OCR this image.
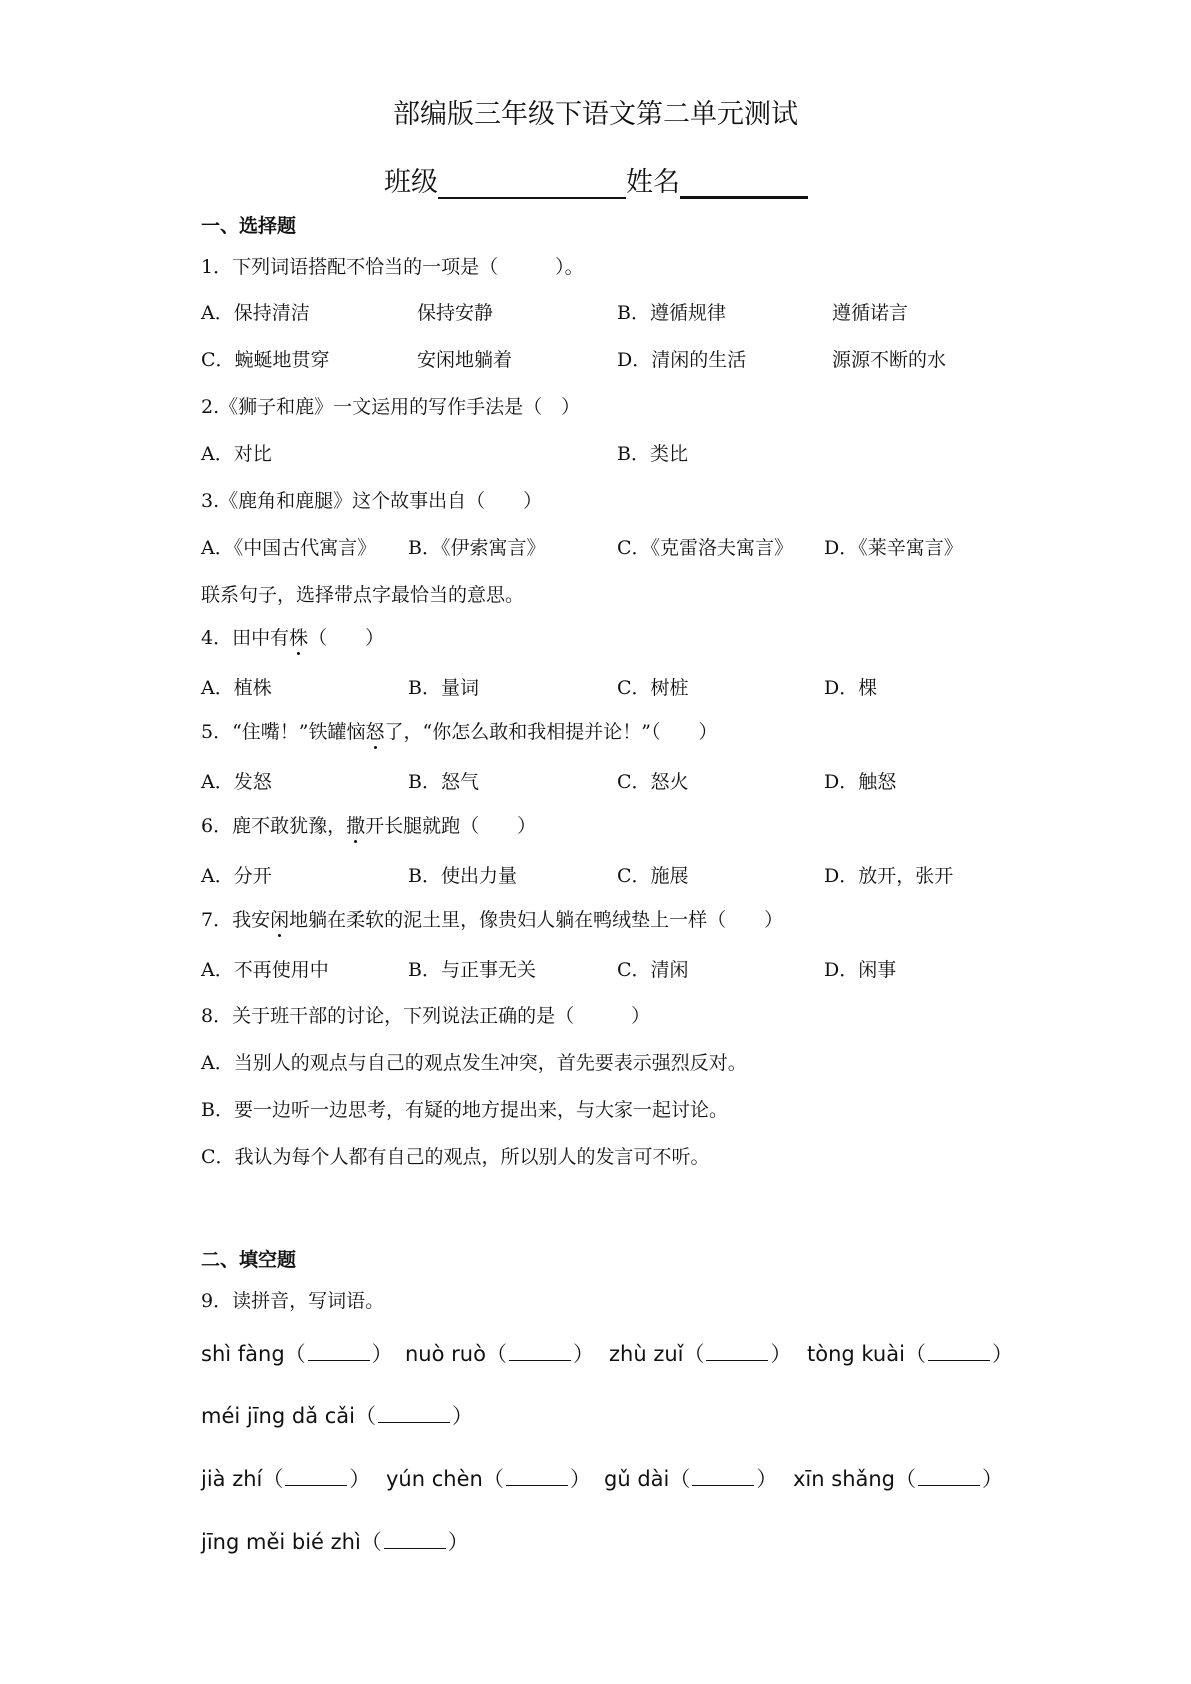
部编版三年级下语文第二单元测试
班级	姓名
一、选择题
1．下列词语搭配不恰当的一项是（　　　）。
A．保持清洁	保持安静	B．遵循规律	遵循诺言
C．蜿蜒地贯穿	安闲地躺着	D．清闲的生活	源源不断的水
2.《狮子和鹿》一文运用的写作手法是（　）
A．对比	B．类比
3.《鹿角和鹿腿》这个故事出自（　　）
A．《中国古代寓言》 B．《伊索寓言》	C．《克雷洛夫寓言》 D．《莱辛寓言》
联系句子，选择带点字最恰当的意思。
4．田中有株（　　）
A．植株	B．量词	C．树桩	D．棵
5．“住嘴！”铁罐恼怒了，“你怎么敢和我相提并论！”（　　）
A．发怒	B．怒气	C．怒火	D．触怒
6．鹿不敢犹豫，撒开长腿就跑（　　）
A．分开	B．使出力量	C．施展	D．放开，张开
7．我安闲地躺在柔软的泥土里，像贵妇人躺在鸭绒垫上一样（　　）
A．不再使用中	B．与正事无关	C．清闲	D．闲事
8．关于班干部的讨论，下列说法正确的是（　　　）
A．当别人的观点与自己的观点发生冲突，首先要表示强烈反对。
B．要一边听一边思考，有疑的地方提出来，与大家一起讨论。
C．我认为每个人都有自己的观点，所以别人的发言可不听。
二、填空题
9．读拼音，写词语。
shì fàng（	） nuò ruò（	） zhù zuǐ（	） tòng kuài（	）
méi jīng dǎ cǎi（	）
jià zhí（	） yún chèn（	） gǔ dài（	） xīn shǎng（	）
jīng měi bié zhì（	）
